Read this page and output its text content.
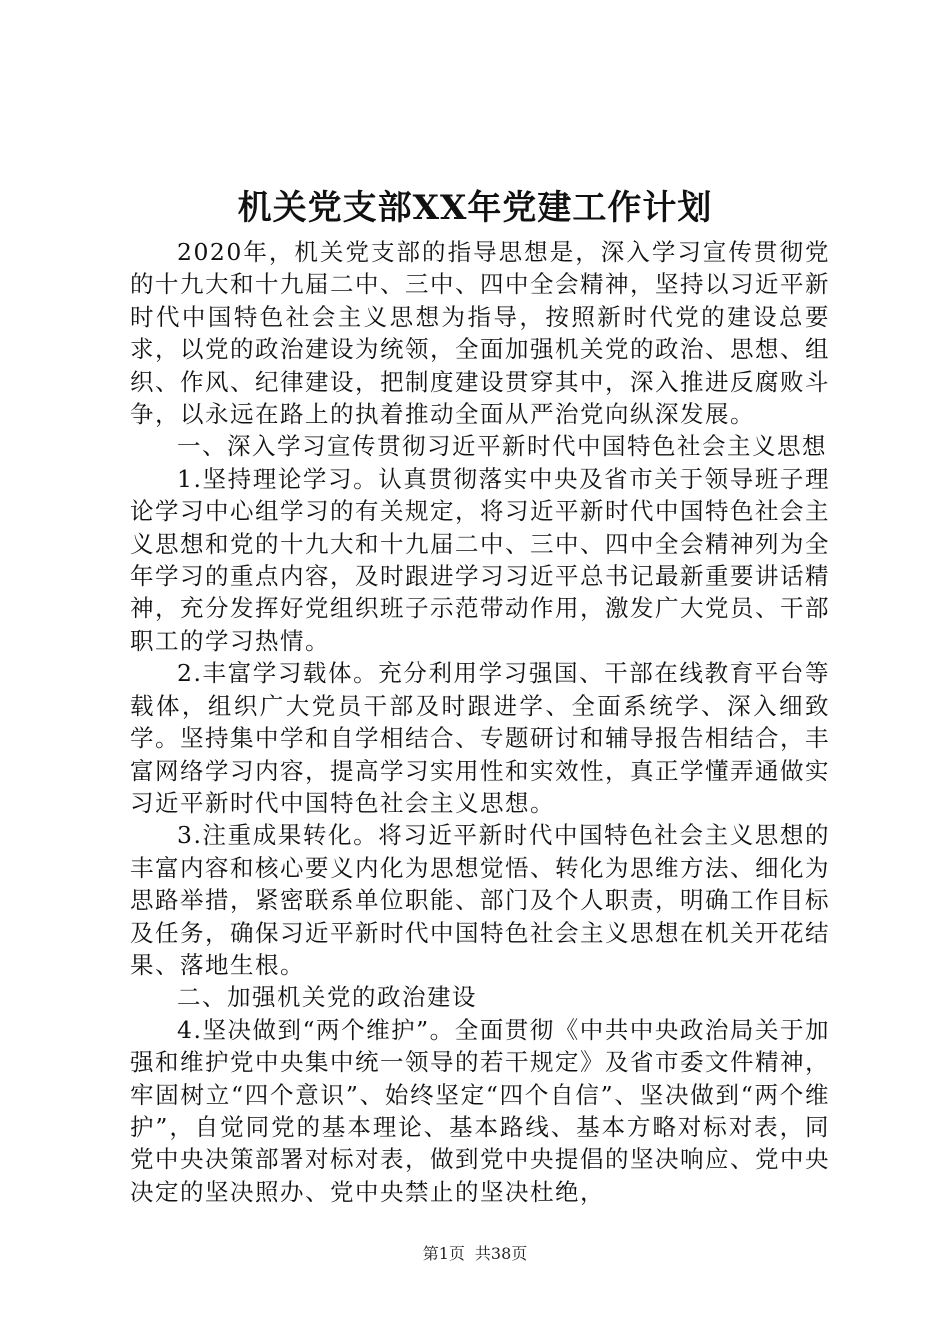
机关党支部XX年党建工作计划

2020年，机关党支部的指导思想是，深入学习宣传贯彻党的十九大和十九届二中、三中、四中全会精神，坚持以习近平新时代中国特色社会主义思想为指导，按照新时代党的建设总要求，以党的政治建设为统领，全面加强机关党的政治、思想、组织、作风、纪律建设，把制度建设贯穿其中，深入推进反腐败斗争，以永远在路上的执着推动全面从严治党向纵深发展。

一、深入学习宣传贯彻习近平新时代中国特色社会主义思想

1.坚持理论学习。认真贯彻落实中央及省市关于领导班子理论学习中心组学习的有关规定，将习近平新时代中国特色社会主义思想和党的十九大和十九届二中、三中、四中全会精神列为全年学习的重点内容，及时跟进学习习近平总书记最新重要讲话精神，充分发挥好党组织班子示范带动作用，激发广大党员、干部职工的学习热情。

2.丰富学习载体。充分利用学习强国、干部在线教育平台等载体，组织广大党员干部及时跟进学、全面系统学、深入细致学。坚持集中学和自学相结合、专题研讨和辅导报告相结合，丰富网络学习内容，提高学习实用性和实效性，真正学懂弄通做实习近平新时代中国特色社会主义思想。

3.注重成果转化。将习近平新时代中国特色社会主义思想的丰富内容和核心要义内化为思想觉悟、转化为思维方法、细化为思路举措，紧密联系单位职能、部门及个人职责，明确工作目标及任务，确保习近平新时代中国特色社会主义思想在机关开花结果、落地生根。

二、加强机关党的政治建设

4.坚决做到“两个维护”。全面贯彻《中共中央政治局关于加强和维护党中央集中统一领导的若干规定》及省市委文件精神，牢固树立“四个意识”、始终坚定“四个自信”、坚决做到“两个维护”，自觉同党的基本理论、基本路线、基本方略对标对表，同党中央决策部署对标对表，做到党中央提倡的坚决响应、党中央决定的坚决照办、党中央禁止的坚决杜绝，

第1页 共38页
